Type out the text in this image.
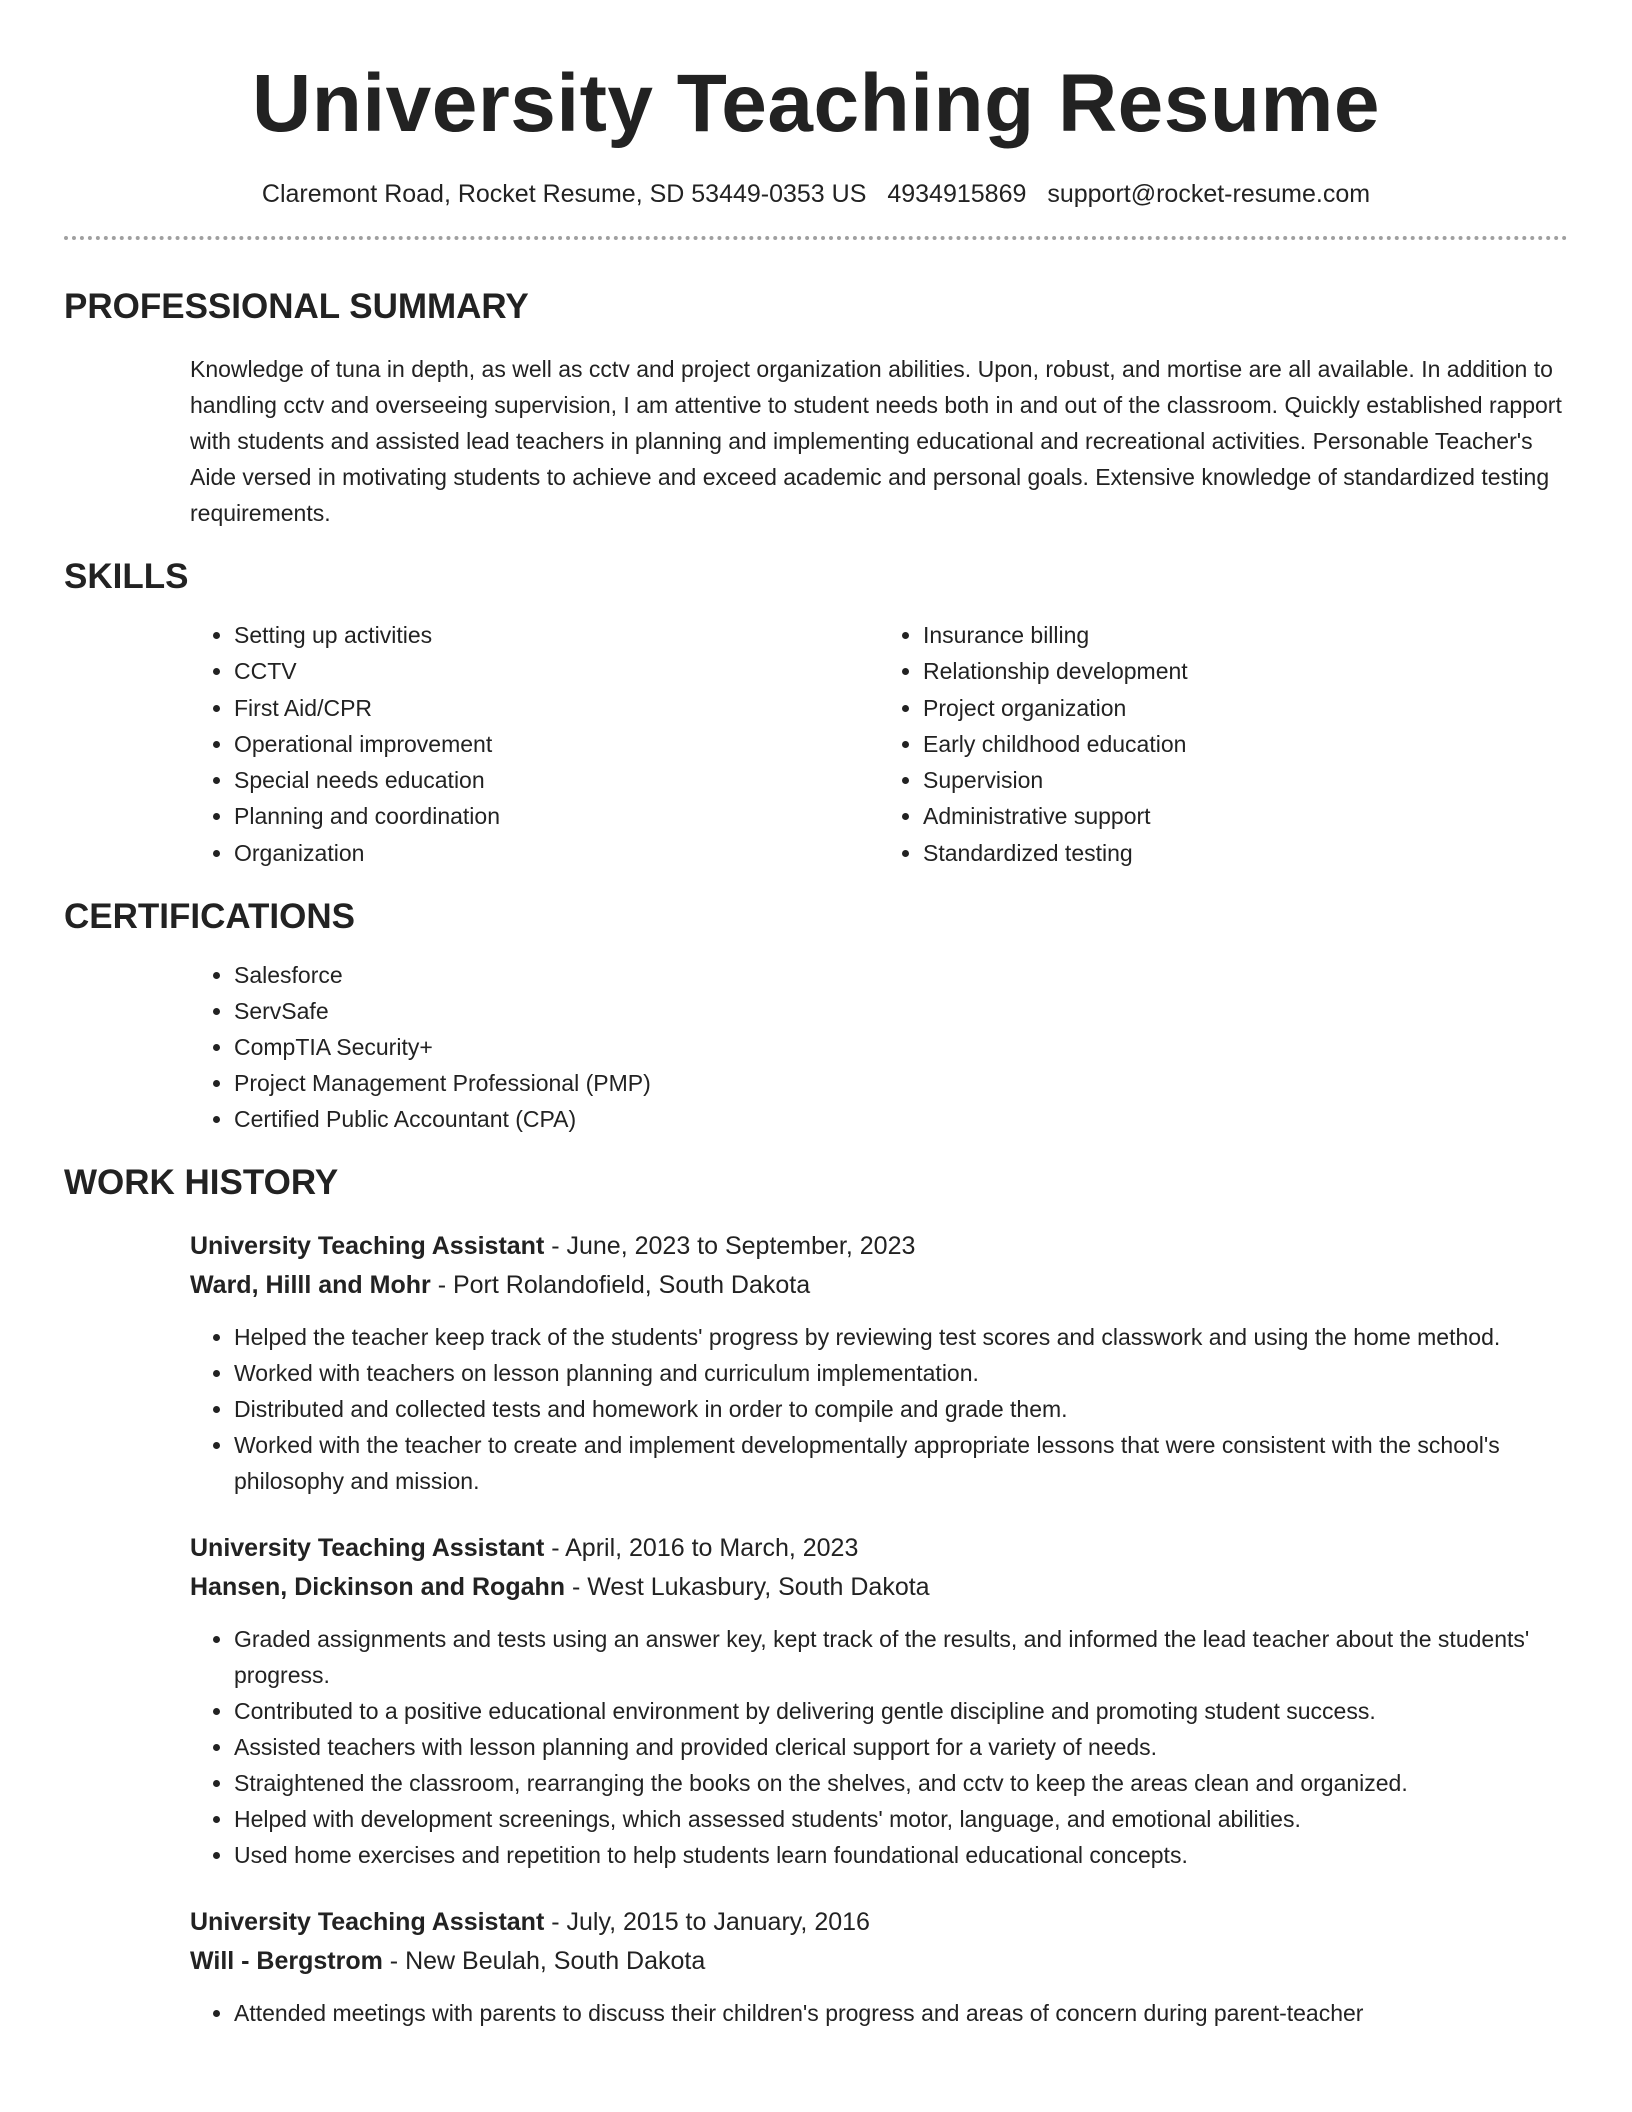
University Teaching Resume
Claremont Road, Rocket Resume, SD 53449-0353 US 4934915869 support@rocket-resume.com
PROFESSIONAL SUMMARY

Knowledge of tuna in depth, as well as cctv and project organization abilities. Upon, robust, and mortise are all available. In addition to handling cctv and overseeing supervision, I am attentive to student needs both in and out of the classroom. Quickly established rapport with students and assisted lead teachers in planning and implementing educational and recreational activities. Personable Teacher's Aide versed in motivating students to achieve and exceed academic and personal goals. Extensive knowledge of standardized testing requirements.

SKILLS
• Setting up activities
• CCTV
• First Aid/CPR
• Operational improvement
• Special needs education
• Planning and coordination
• Organization
• Insurance billing
• Relationship development
• Project organization
• Early childhood education
• Supervision
• Administrative support
• Standardized testing
CERTIFICATIONS
• Salesforce
• ServSafe
• CompTIA Security+
• Project Management Professional (PMP)
• Certified Public Accountant (CPA)
WORK HISTORY
University Teaching Assistant - June, 2023 to September, 2023
Ward, Hilll and Mohr - Port Rolandofield, South Dakota
• Helped the teacher keep track of the students' progress by reviewing test scores and classwork and using the home method.
• Worked with teachers on lesson planning and curriculum implementation.
• Distributed and collected tests and homework in order to compile and grade them.
• Worked with the teacher to create and implement developmentally appropriate lessons that were consistent with the school's philosophy and mission.
University Teaching Assistant - April, 2016 to March, 2023
Hansen, Dickinson and Rogahn - West Lukasbury, South Dakota
• Graded assignments and tests using an answer key, kept track of the results, and informed the lead teacher about the students' progress.
• Contributed to a positive educational environment by delivering gentle discipline and promoting student success.
• Assisted teachers with lesson planning and provided clerical support for a variety of needs.
• Straightened the classroom, rearranging the books on the shelves, and cctv to keep the areas clean and organized.
• Helped with development screenings, which assessed students' motor, language, and emotional abilities.
• Used home exercises and repetition to help students learn foundational educational concepts.
University Teaching Assistant - July, 2015 to January, 2016
Will - Bergstrom - New Beulah, South Dakota
• Attended meetings with parents to discuss their children's progress and areas of concern during parent-teacher
